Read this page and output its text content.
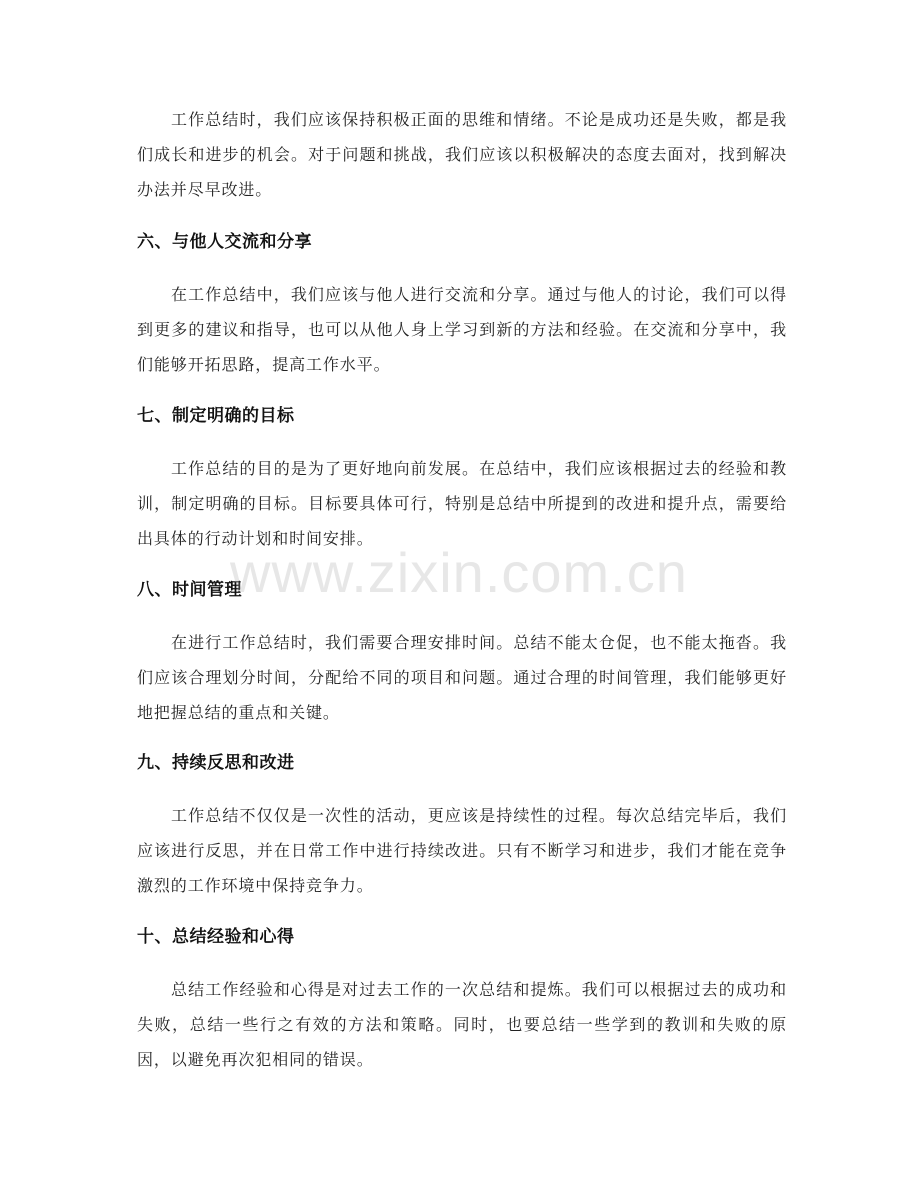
工作总结时，我们应该保持积极正面的思维和情绪。不论是成功还是失败，都是我们成长和进步的机会。对于问题和挑战，我们应该以积极解决的态度去面对，找到解决办法并尽早改进。

六、与他人交流和分享

在工作总结中，我们应该与他人进行交流和分享。通过与他人的讨论，我们可以得到更多的建议和指导，也可以从他人身上学习到新的方法和经验。在交流和分享中，我们能够开拓思路，提高工作水平。

七、制定明确的目标

工作总结的目的是为了更好地向前发展。在总结中，我们应该根据过去的经验和教训，制定明确的目标。目标要具体可行，特别是总结中所提到的改进和提升点，需要给出具体的行动计划和时间安排。

八、时间管理

在进行工作总结时，我们需要合理安排时间。总结不能太仓促，也不能太拖沓。我们应该合理划分时间，分配给不同的项目和问题。通过合理的时间管理，我们能够更好地把握总结的重点和关键。

九、持续反思和改进

工作总结不仅仅是一次性的活动，更应该是持续性的过程。每次总结完毕后，我们应该进行反思，并在日常工作中进行持续改进。只有不断学习和进步，我们才能在竞争激烈的工作环境中保持竞争力。

十、总结经验和心得

总结工作经验和心得是对过去工作的一次总结和提炼。我们可以根据过去的成功和失败，总结一些行之有效的方法和策略。同时，也要总结一些学到的教训和失败的原因，以避免再次犯相同的错误。

www.zixin.com.cn
